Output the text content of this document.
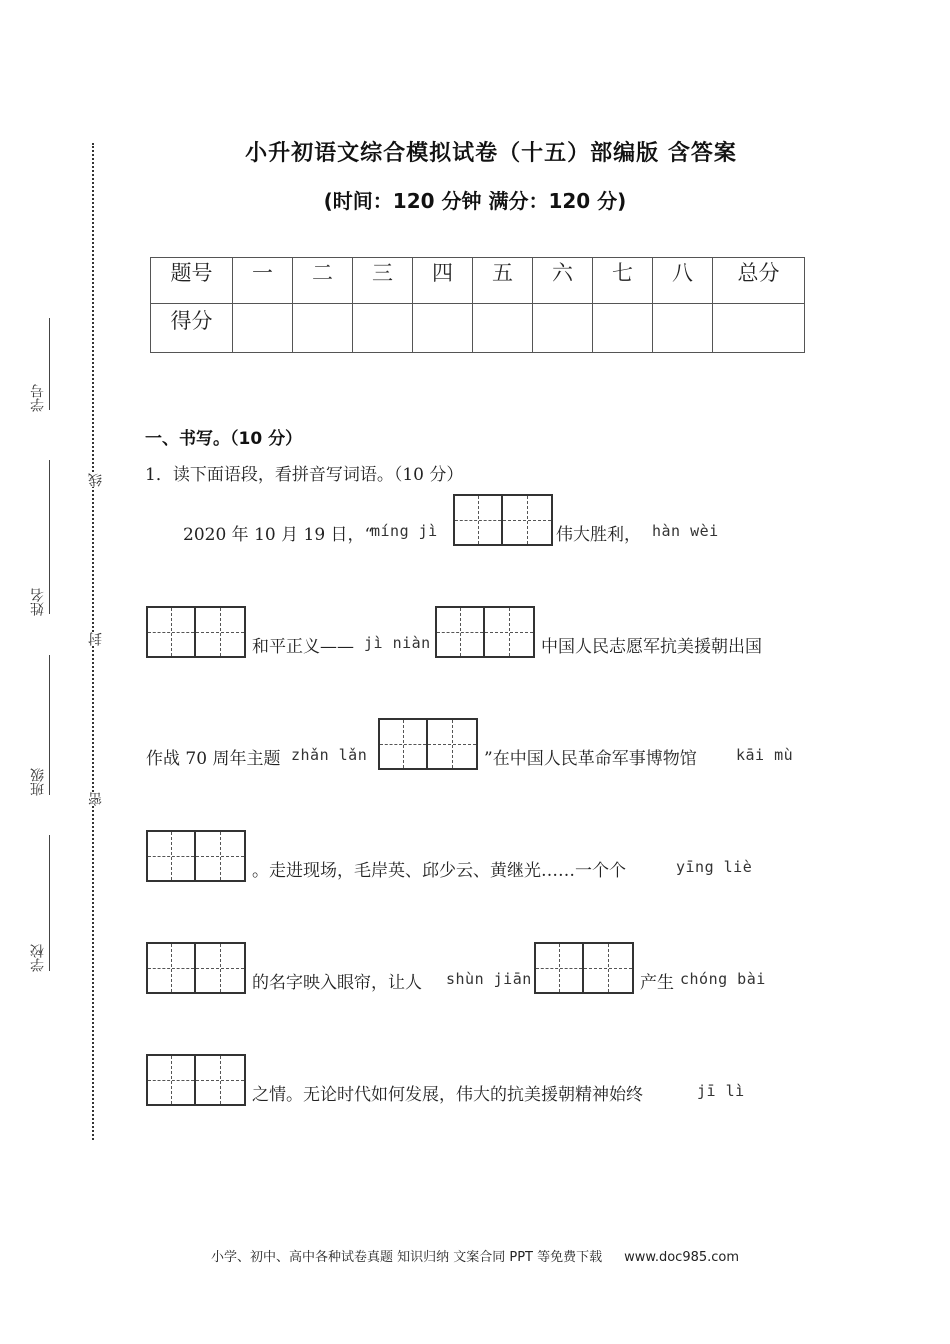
小升初语文综合模拟试卷（十五）部编版 含答案
(时间：120 分钟 满分：120 分)
题号	一	二	三	四	五	六	七	八	总分
得分									
学号
姓名
班级
学校
线
封
密
一、书写。（10 分）
1．读下面语段，看拼音写词语。（10 分）
2020 年 10 月 19 日，“
míng jì	伟大胜利， hàn wèi
和平正义—— jì niàn	中国人民志愿军抗美援朝出国
作战 70 周年主题 zhǎn lǎn	”在中国人民革命军事博物馆	kāi mù
。走进现场，毛岸英、邱少云、黄继光……一个个	yīng liè
的名字映入眼帘，让人 shùn jiān	产生 chóng bài
之情。无论时代如何发展，伟大的抗美援朝精神始终	jī lì
小学、初中、高中各种试卷真题 知识归纳 文案合同 PPT 等免费下载 www.doc985.com
